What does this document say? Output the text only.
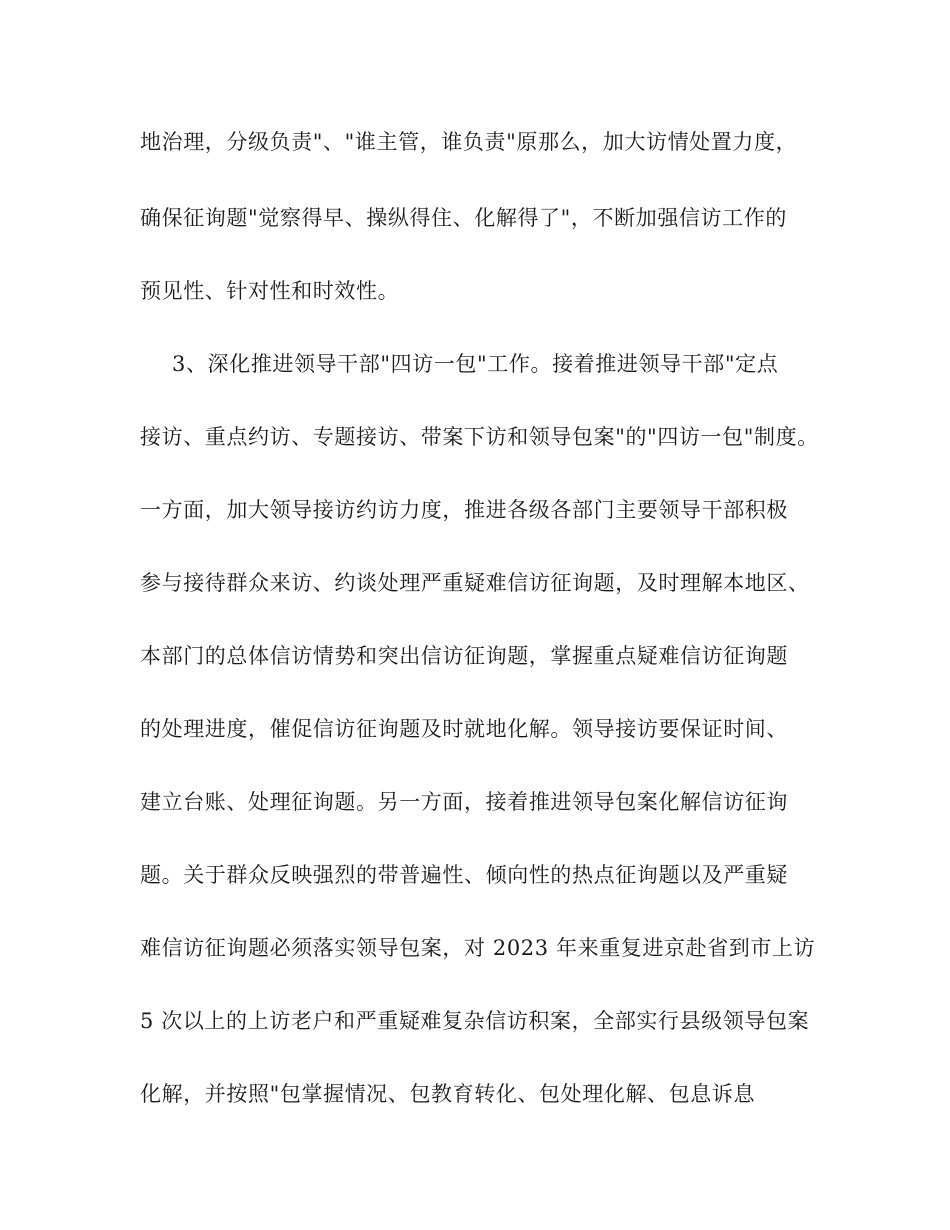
地治理，分级负责"、"谁主管，谁负责"原那么，加大访情处置力度，

确保征询题"觉察得早、操纵得住、化解得了"，不断加强信访工作的

预见性、针对性和时效性。

3、深化推进领导干部"四访一包"工作。接着推进领导干部"定点

接访、重点约访、专题接访、带案下访和领导包案"的"四访一包"制度。

一方面，加大领导接访约访力度，推进各级各部门主要领导干部积极

参与接待群众来访、约谈处理严重疑难信访征询题，及时理解本地区、

本部门的总体信访情势和突出信访征询题，掌握重点疑难信访征询题

的处理进度，催促信访征询题及时就地化解。领导接访要保证时间、

建立台账、处理征询题。另一方面，接着推进领导包案化解信访征询

题。关于群众反映强烈的带普遍性、倾向性的热点征询题以及严重疑

难信访征询题必须落实领导包案，对 2023 年来重复进京赴省到市上访

5 次以上的上访老户和严重疑难复杂信访积案，全部实行县级领导包案

化解，并按照"包掌握情况、包教育转化、包处理化解、包息诉息
